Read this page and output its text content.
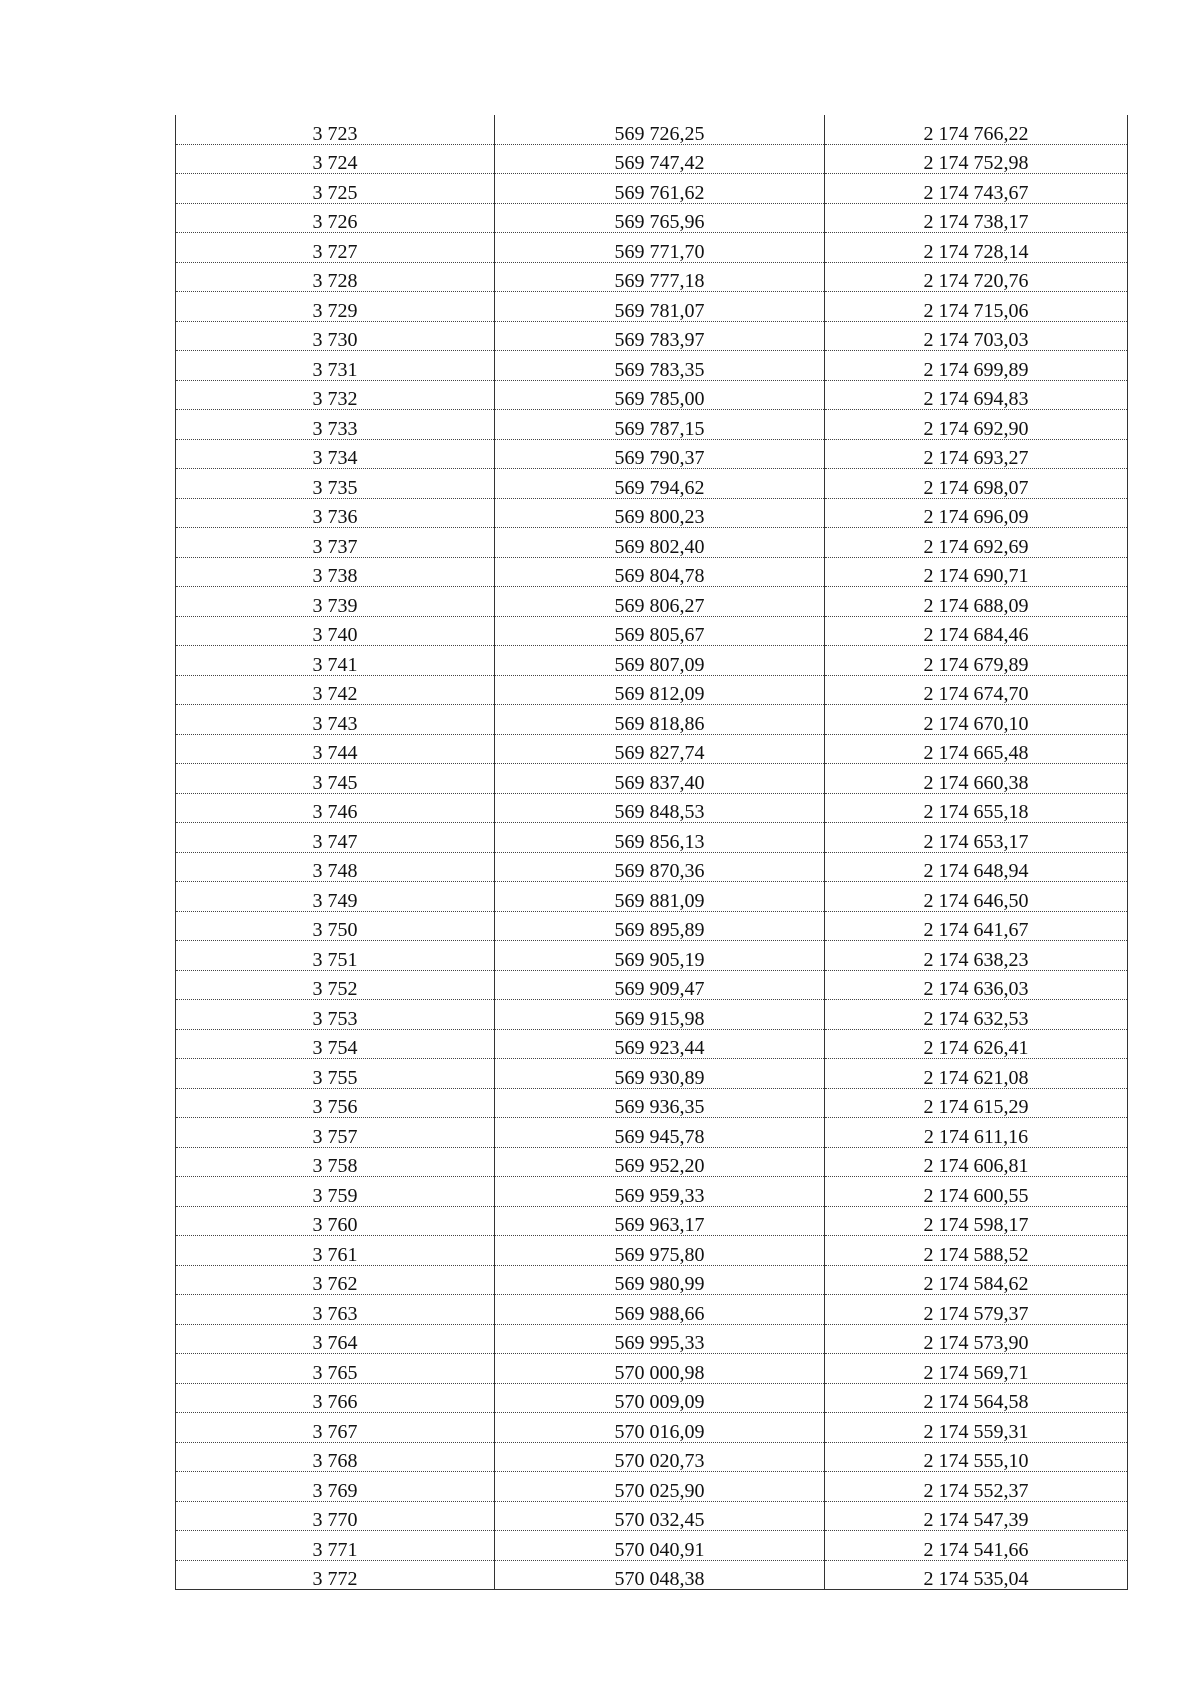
3 723	569 726,25	2 174 766,22
3 724	569 747,42	2 174 752,98
3 725	569 761,62	2 174 743,67
3 726	569 765,96	2 174 738,17
3 727	569 771,70	2 174 728,14
3 728	569 777,18	2 174 720,76
3 729	569 781,07	2 174 715,06
3 730	569 783,97	2 174 703,03
3 731	569 783,35	2 174 699,89
3 732	569 785,00	2 174 694,83
3 733	569 787,15	2 174 692,90
3 734	569 790,37	2 174 693,27
3 735	569 794,62	2 174 698,07
3 736	569 800,23	2 174 696,09
3 737	569 802,40	2 174 692,69
3 738	569 804,78	2 174 690,71
3 739	569 806,27	2 174 688,09
3 740	569 805,67	2 174 684,46
3 741	569 807,09	2 174 679,89
3 742	569 812,09	2 174 674,70
3 743	569 818,86	2 174 670,10
3 744	569 827,74	2 174 665,48
3 745	569 837,40	2 174 660,38
3 746	569 848,53	2 174 655,18
3 747	569 856,13	2 174 653,17
3 748	569 870,36	2 174 648,94
3 749	569 881,09	2 174 646,50
3 750	569 895,89	2 174 641,67
3 751	569 905,19	2 174 638,23
3 752	569 909,47	2 174 636,03
3 753	569 915,98	2 174 632,53
3 754	569 923,44	2 174 626,41
3 755	569 930,89	2 174 621,08
3 756	569 936,35	2 174 615,29
3 757	569 945,78	2 174 611,16
3 758	569 952,20	2 174 606,81
3 759	569 959,33	2 174 600,55
3 760	569 963,17	2 174 598,17
3 761	569 975,80	2 174 588,52
3 762	569 980,99	2 174 584,62
3 763	569 988,66	2 174 579,37
3 764	569 995,33	2 174 573,90
3 765	570 000,98	2 174 569,71
3 766	570 009,09	2 174 564,58
3 767	570 016,09	2 174 559,31
3 768	570 020,73	2 174 555,10
3 769	570 025,90	2 174 552,37
3 770	570 032,45	2 174 547,39
3 771	570 040,91	2 174 541,66
3 772	570 048,38	2 174 535,04
